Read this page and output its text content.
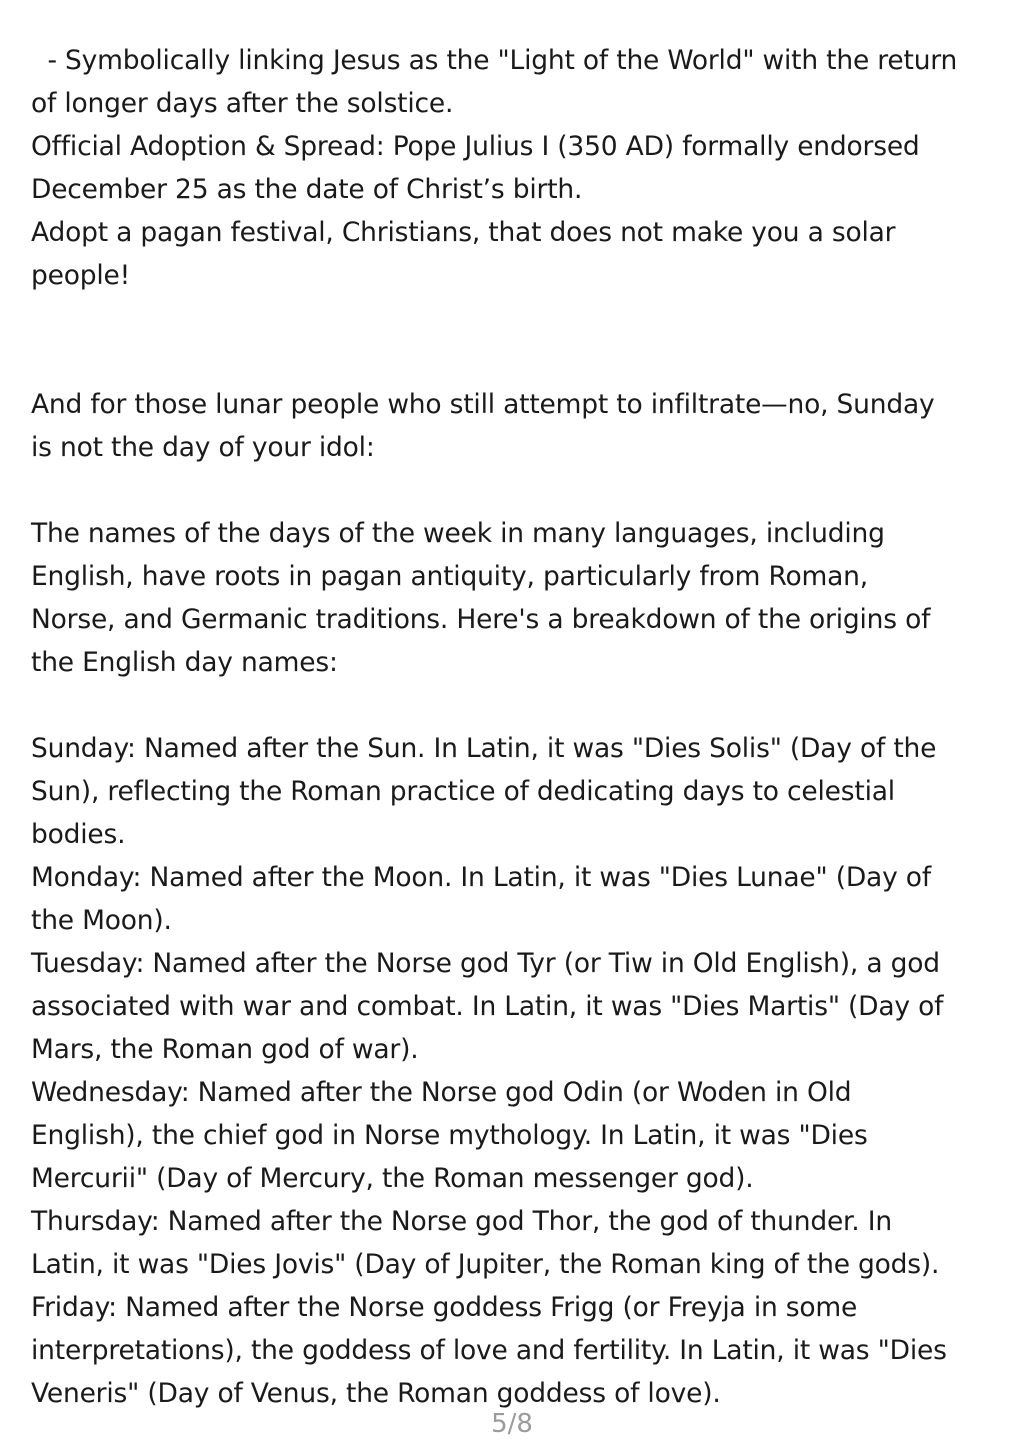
- Symbolically linking Jesus as the "Light of the World" with the return
of longer days after the solstice.
Official Adoption & Spread: Pope Julius I (350 AD) formally endorsed
December 25 as the date of Christ’s birth.
Adopt a pagan festival, Christians, that does not make you a solar
people!
And for those lunar people who still attempt to infiltrate—no, Sunday
is not the day of your idol:
The names of the days of the week in many languages, including
English, have roots in pagan antiquity, particularly from Roman,
Norse, and Germanic traditions. Here's a breakdown of the origins of
the English day names:
Sunday: Named after the Sun. In Latin, it was "Dies Solis" (Day of the
Sun), reflecting the Roman practice of dedicating days to celestial
bodies.
Monday: Named after the Moon. In Latin, it was "Dies Lunae" (Day of
the Moon).
Tuesday: Named after the Norse god Tyr (or Tiw in Old English), a god
associated with war and combat. In Latin, it was "Dies Martis" (Day of
Mars, the Roman god of war).
Wednesday: Named after the Norse god Odin (or Woden in Old
English), the chief god in Norse mythology. In Latin, it was "Dies
Mercurii" (Day of Mercury, the Roman messenger god).
Thursday: Named after the Norse god Thor, the god of thunder. In
Latin, it was "Dies Jovis" (Day of Jupiter, the Roman king of the gods).
Friday: Named after the Norse goddess Frigg (or Freyja in some
interpretations), the goddess of love and fertility. In Latin, it was "Dies
Veneris" (Day of Venus, the Roman goddess of love).
5/8
